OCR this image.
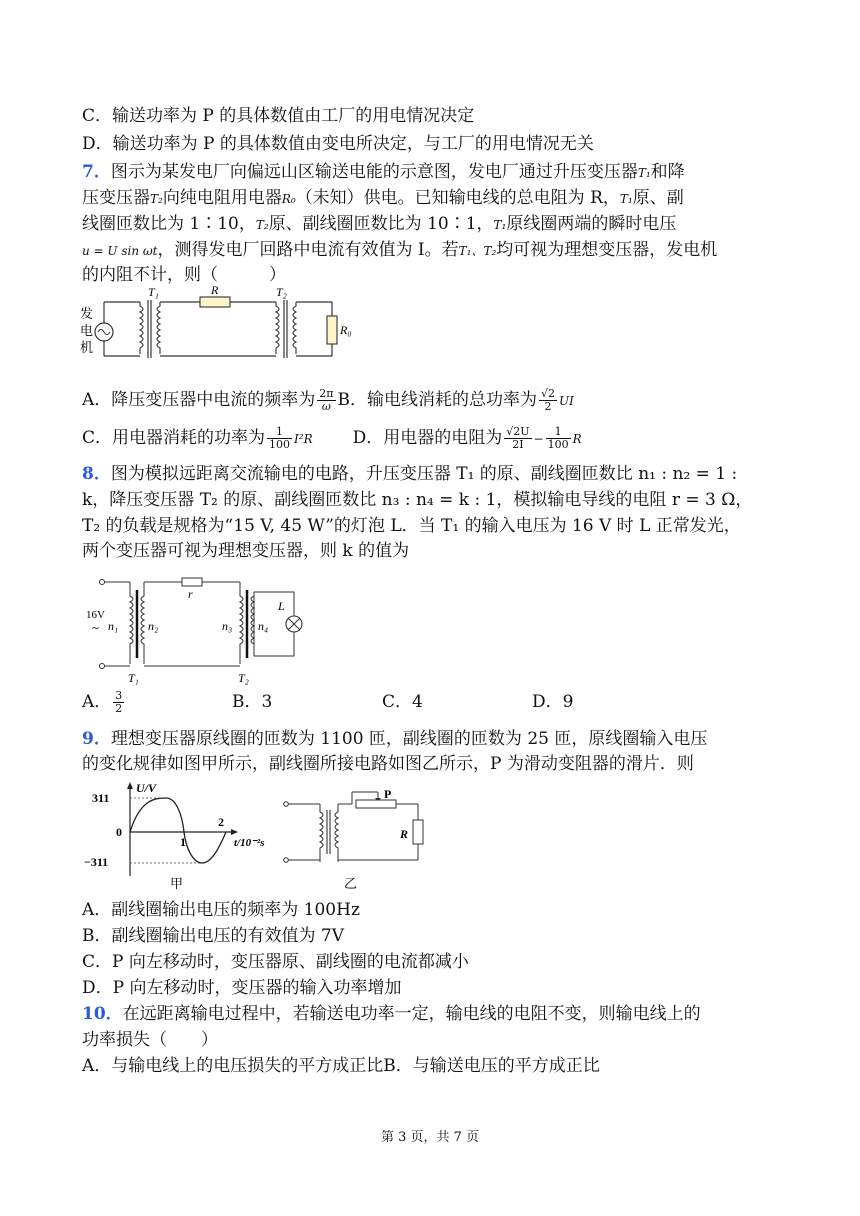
C．输送功率为 P 的具体数值由工厂的用电情况决定
D．输送功率为 P 的具体数值由变电所决定，与工厂的用电情况无关
7．图示为某发电厂向偏远山区输送电能的示意图，发电厂通过升压变压器T₁和降
压变压器T₂向纯电阻用电器R₀（未知）供电。已知输电线的总电阻为 R，T₁原、副
线圈匝数比为 1∶10，T₂原、副线圈匝数比为 10∶1，T₁原线圈两端的瞬时电压
u = U sin ωt，测得发电厂回路中电流有效值为 I。若T₁、T₂均可视为理想变压器，发电机
的内阻不计，则（　　　）
发
电
机
T₁	R	T₂
R₀
A．降压变压器中电流的频率为 $\frac{2\pi}{\omega}$ B．输电线消耗的总功率为 $\frac{√2}{2}$ UI
C．用电器消耗的功率为 $\frac{1}{100} I^2R$ D．用电器的电阻为 $\frac{√2U}{2I} - \frac{1}{100}$ R
8．图为模拟远距离交流输电的电路，升压变压器 T₁ 的原、副线圈匝数比 n₁ : n₂ = 1 :
k，降压变压器 T₂ 的原、副线圈匝数比 n₃ : n₄ = k : 1，模拟输电导线的电阻 r = 3 Ω，
T₂ 的负载是规格为“15 V, 45 W”的灯泡 L．当 T₁ 的输入电压为 16 V 时 L 正常发光，
两个变压器可视为理想变压器，则 k 的值为
16V
~ n₁ n₂
T₁
r
n₃ n₄
T₂
L
A． $\frac{3}{2}$	B．3	C．4	D．9
9．理想变压器原线圈的匝数为 1100 匝，副线圈的匝数为 25 匝，原线圈输入电压
的变化规律如图甲所示，副线圈所接电路如图乙所示，P 为滑动变阻器的滑片．则
U/V
311
0
−311
1
2
t/10⁻²s
甲
P
R
乙
A．副线圈输出电压的频率为 100Hz
B．副线圈输出电压的有效值为 7V
C．P 向左移动时，变压器原、副线圈的电流都减小
D．P 向左移动时，变压器的输入功率增加
10．在远距离输电过程中，若输送电功率一定，输电线的电阻不变，则输电线上的
功率损失（　　）
A．与输电线上的电压损失的平方成正比B．与输送电压的平方成正比
第 3 页，共 7 页
